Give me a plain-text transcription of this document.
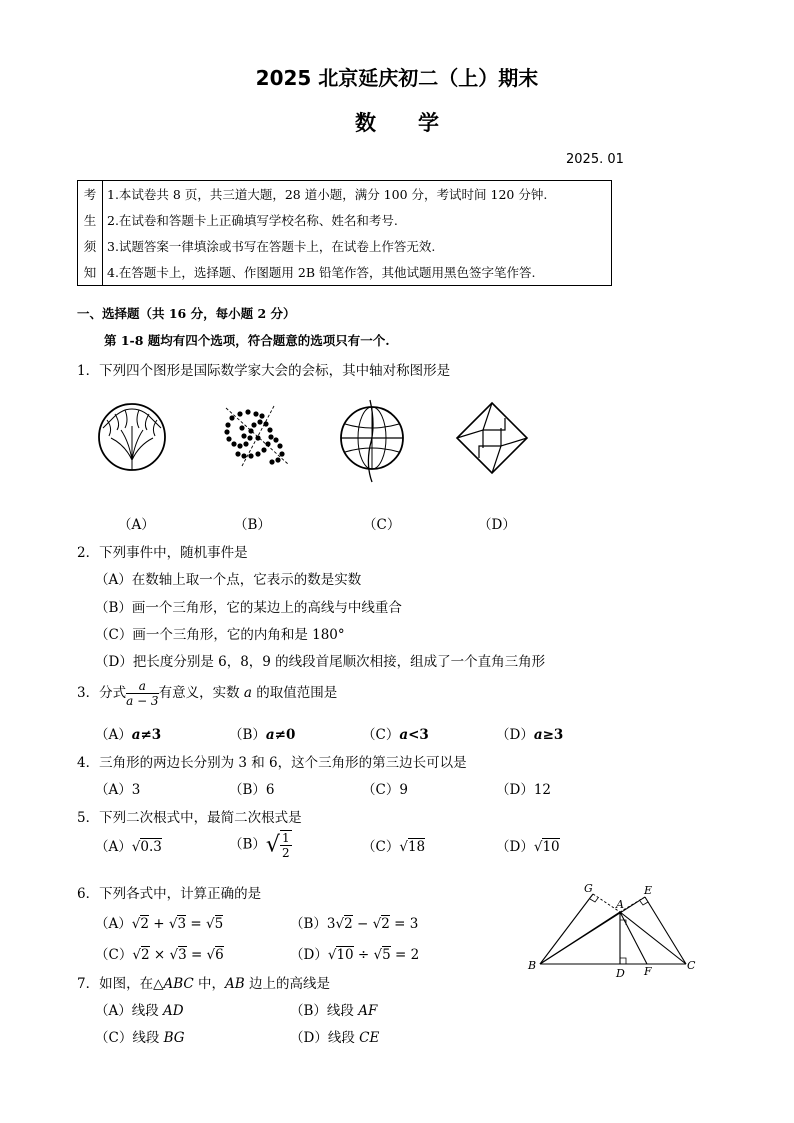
2025 北京延庆初二（上）期末
数　　学
2025. 01
考	1.本试卷共 8 页，共三道大题，28 道小题，满分 100 分，考试时间 120 分钟.
生	2.在试卷和答题卡上正确填写学校名称、姓名和考号.
须	3.试题答案一律填涂或书写在答题卡上，在试卷上作答无效.
知	4.在答题卡上，选择题、作图题用 2B 铅笔作答，其他试题用黑色签字笔作答.
一、选择题（共 16 分，每小题 2 分）
第 1-8 题均有四个选项，符合题意的选项只有一个.
1．下列四个图形是国际数学家大会的会标，其中轴对称图形是
（A）	（B）	（C）	（D）
2．下列事件中，随机事件是
（A）在数轴上取一个点，它表示的数是实数
（B）画一个三角形，它的某边上的高线与中线重合
（C）画一个三角形，它的内角和是 180°
（D）把长度分别是 6，8，9 的线段首尾顺次相接，组成了一个直角三角形
3．分式 $\frac{a}{a - 3}$ 有意义，实数 a 的取值范围是
（A）a≠3	（B）a≠0	（C）a<3	（D）a≥3
4．三角形的两边长分别为 3 和 6，这个三角形的第三边长可以是
（A）3	（B）6	（C）9	（D）12
5．下列二次根式中，最简二次根式是
（A）√0.3	$(B)√ \frac{1}{2}$	（C）√18	（D）√10
6．下列各式中，计算正确的是
（A）√2 + √3 = √5	（B）3√2 − √2 = 3
（C）√2 × √3 = √6	（D）√10 ÷ √5 = 2
7．如图，在△ABC 中，AB 边上的高线是
（A）线段 AD	（B）线段 AF
（C）线段 BG	（D）线段 CE
G
A
E
B
D F	C
